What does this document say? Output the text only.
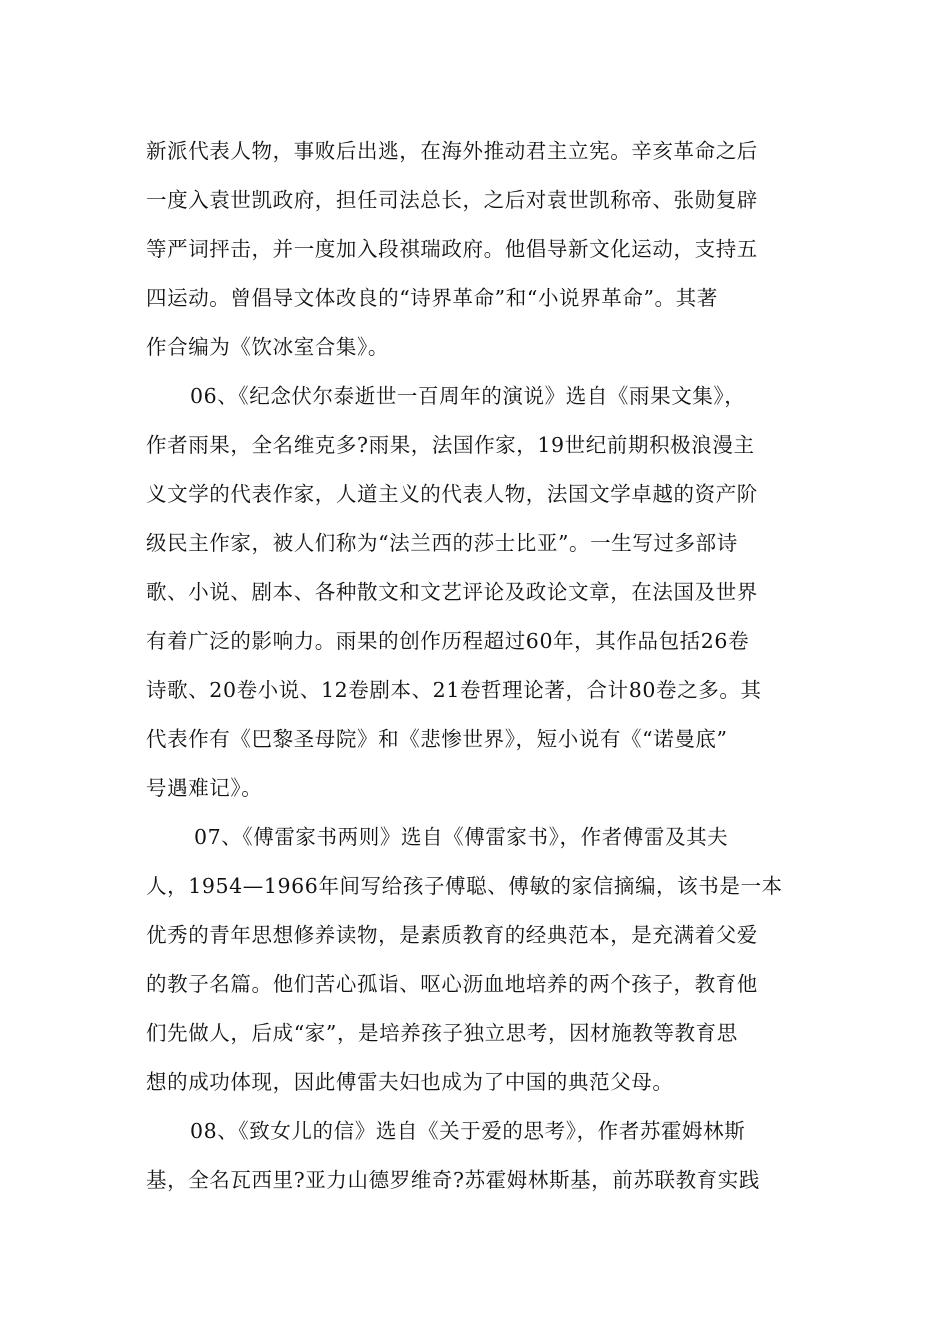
新派代表人物，事败后出逃，在海外推动君主立宪。辛亥革命之后
一度入袁世凯政府，担任司法总长，之后对袁世凯称帝、张勋复辟
等严词抨击，并一度加入段祺瑞政府。他倡导新文化运动，支持五
四运动。曾倡导文体改良的“诗界革命”和“小说界革命”。其著
作合编为《饮冰室合集》。
06、《纪念伏尔泰逝世一百周年的演说》选自《雨果文集》，
作者雨果，全名维克多?雨果，法国作家，19世纪前期积极浪漫主
义文学的代表作家，人道主义的代表人物，法国文学卓越的资产阶
级民主作家，被人们称为“法兰西的莎士比亚”。一生写过多部诗
歌、小说、剧本、各种散文和文艺评论及政论文章，在法国及世界
有着广泛的影响力。雨果的创作历程超过60年，其作品包括26卷
诗歌、20卷小说、12卷剧本、21卷哲理论著，合计80卷之多。其
代表作有《巴黎圣母院》和《悲惨世界》，短小说有《“诺曼底”
号遇难记》。
07、《傅雷家书两则》选自《傅雷家书》，作者傅雷及其夫
人，1954—1966年间写给孩子傅聪、傅敏的家信摘编，该书是一本
优秀的青年思想修养读物，是素质教育的经典范本，是充满着父爱
的教子名篇。他们苦心孤诣、呕心沥血地培养的两个孩子，教育他
们先做人，后成“家”，是培养孩子独立思考，因材施教等教育思
想的成功体现，因此傅雷夫妇也成为了中国的典范父母。
08、《致女儿的信》选自《关于爱的思考》，作者苏霍姆林斯
基，全名瓦西里?亚力山德罗维奇?苏霍姆林斯基，前苏联教育实践
